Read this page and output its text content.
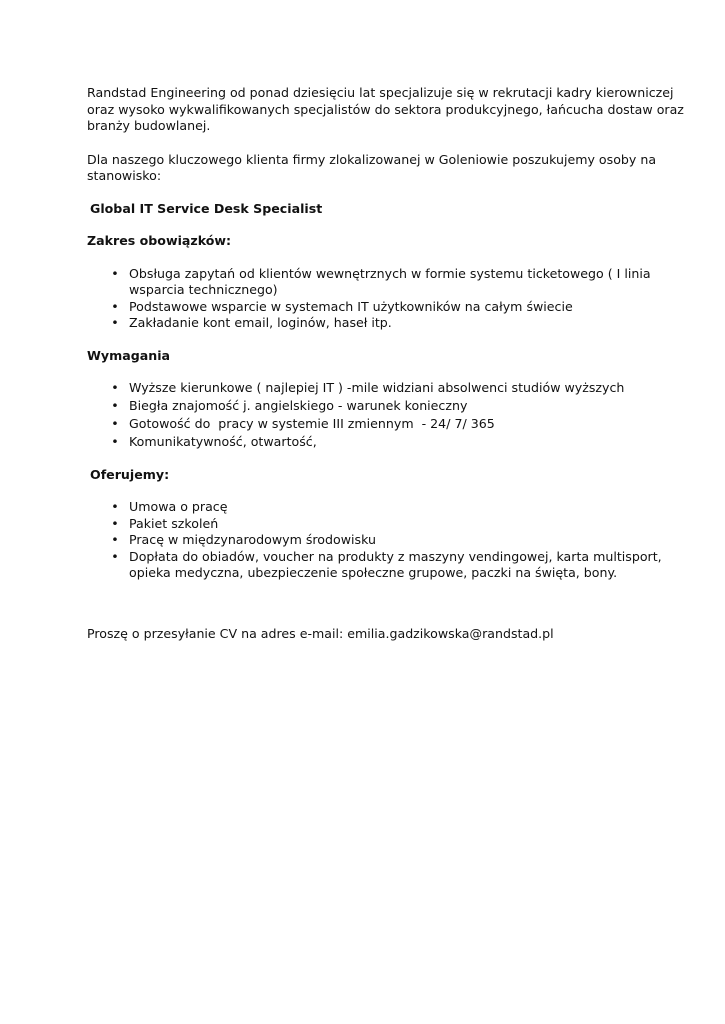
Randstad Engineering od ponad dziesięciu lat specjalizuje się w rekrutacji kadry kierowniczej oraz wysoko wykwalifikowanych specjalistów do sektora produkcyjnego, łańcucha dostaw oraz branży budowlanej.

Dla naszego kluczowego klienta firmy zlokalizowanej w Goleniowie poszukujemy osoby na stanowisko:

Global IT Service Desk Specialist

Zakres obowiązków:

• Obsługa zapytań od klientów wewnętrznych w formie systemu ticketowego ( I linia wsparcia technicznego)
• Podstawowe wsparcie w systemach IT użytkowników na całym świecie
• Zakładanie kont email, loginów, haseł itp.

Wymagania

• Wyższe kierunkowe ( najlepiej IT ) -mile widziani absolwenci studiów wyższych
• Biegła znajomość j. angielskiego - warunek konieczny
• Gotowość do  pracy w systemie III zmiennym  - 24/ 7/ 365
• Komunikatywność, otwartość,

Oferujemy:

• Umowa o pracę
• Pakiet szkoleń
• Pracę w międzynarodowym środowisku
• Dopłata do obiadów, voucher na produkty z maszyny vendingowej, karta multisport, opieka medyczna, ubezpieczenie społeczne grupowe, paczki na święta, bony.

Proszę o przesyłanie CV na adres e-mail: emilia.gadzikowska@randstad.pl
